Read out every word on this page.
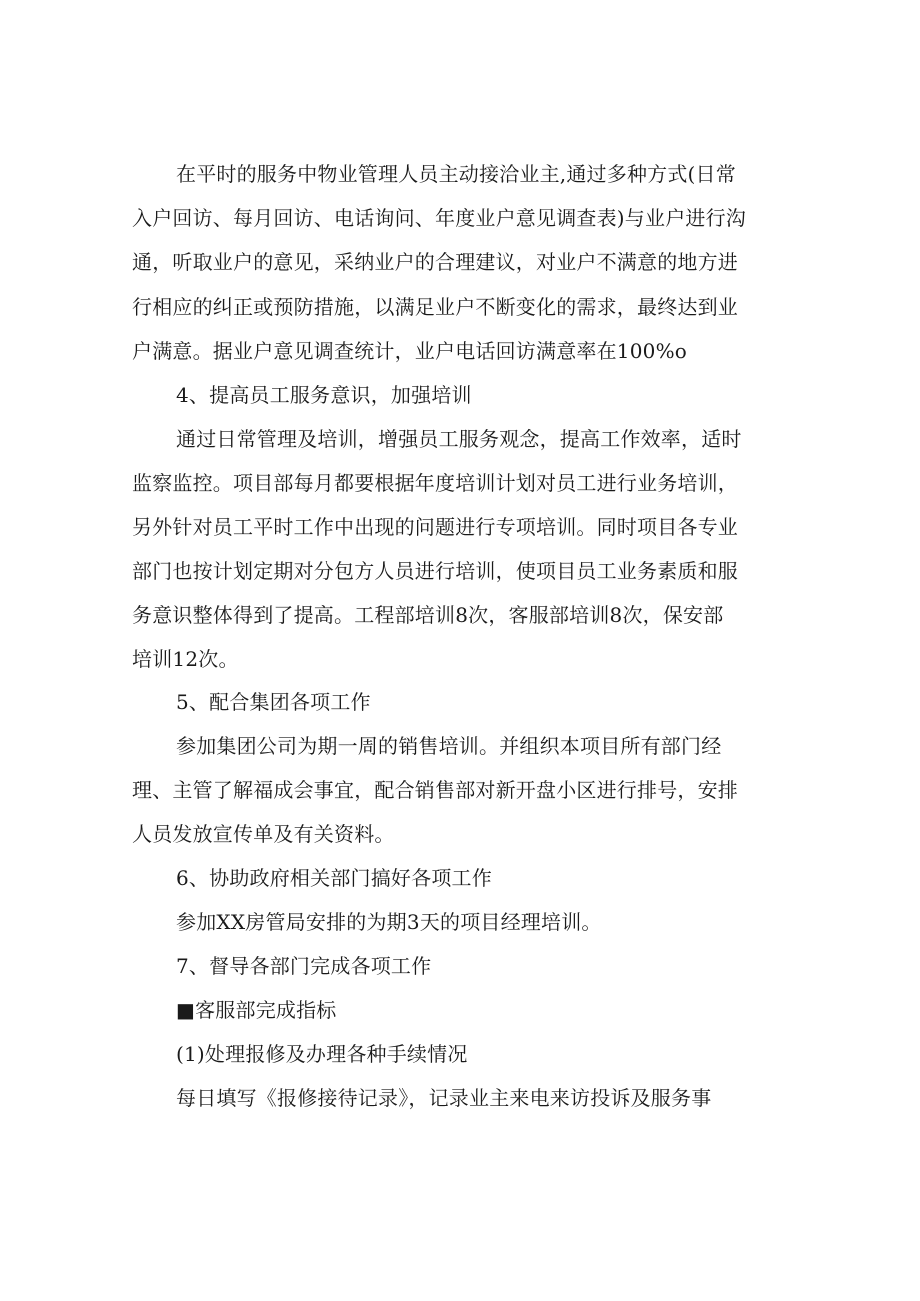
在平时的服务中物业管理人员主动接洽业主,通过多种方式(日常
入户回访、每月回访、电话询问、年度业户意见调查表)与业户进行沟
通，听取业户的意见，采纳业户的合理建议，对业户不满意的地方进
行相应的纠正或预防措施，以满足业户不断变化的需求，最终达到业
户满意。据业户意见调查统计，业户电话回访满意率在100%o
4、提高员工服务意识，加强培训
通过日常管理及培训，增强员工服务观念，提高工作效率，适时
监察监控。项目部每月都要根据年度培训计划对员工进行业务培训，
另外针对员工平时工作中出现的问题进行专项培训。同时项目各专业
部门也按计划定期对分包方人员进行培训，使项目员工业务素质和服
务意识整体得到了提高。工程部培训8次，客服部培训8次，保安部
培训12次。
5、配合集团各项工作
参加集团公司为期一周的销售培训。并组织本项目所有部门经
理、主管了解福成会事宜，配合销售部对新开盘小区进行排号，安排
人员发放宣传单及有关资料。
6、协助政府相关部门搞好各项工作
参加XX房管局安排的为期3天的项目经理培训。
7、督导各部门完成各项工作
■客服部完成指标
(1)处理报修及办理各种手续情况
每日填写《报修接待记录》，记录业主来电来访投诉及服务事
